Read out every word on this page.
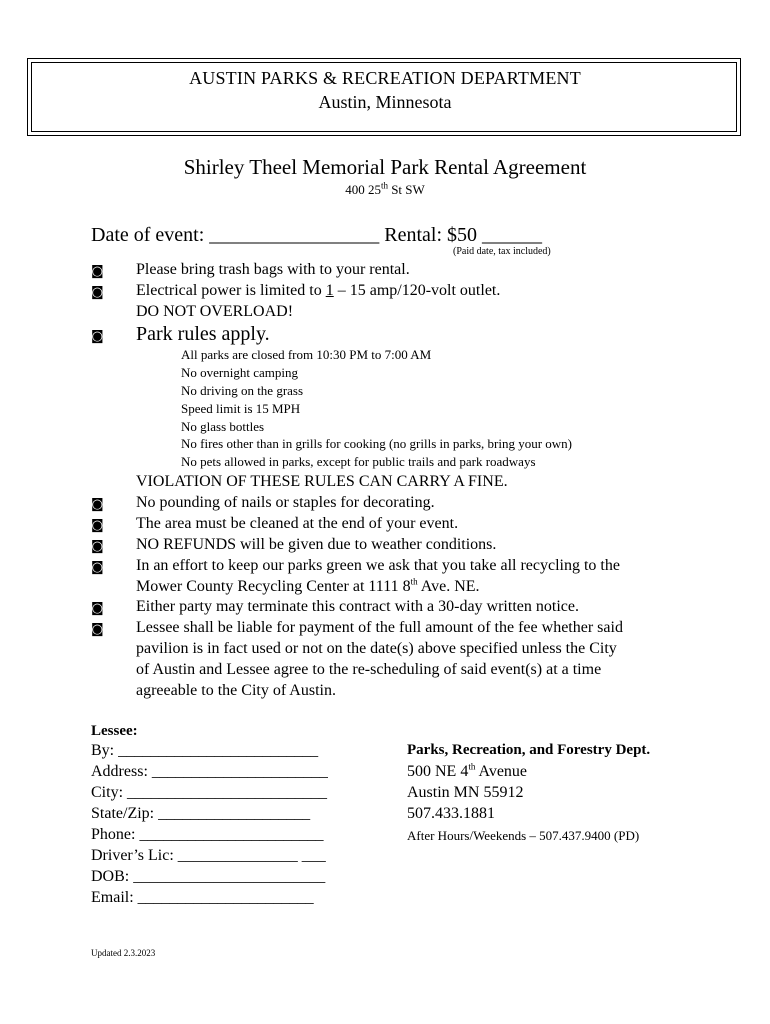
AUSTIN PARKS & RECREATION DEPARTMENT
Austin, Minnesota
Shirley Theel Memorial Park Rental Agreement
400 25th St SW
Date of event: _________________ Rental: $50 ______
(Paid date, tax included)
◙
Please bring trash bags with to your rental.
◙
Electrical power is limited to 1 – 15 amp/120-volt outlet.
DO NOT OVERLOAD!
◙
Park rules apply.
All parks are closed from 10:30 PM to 7:00 AM
No overnight camping
No driving on the grass
Speed limit is 15 MPH
No glass bottles
No fires other than in grills for cooking (no grills in parks, bring your own)
No pets allowed in parks, except for public trails and park roadways
VIOLATION OF THESE RULES CAN CARRY A FINE.
◙
No pounding of nails or staples for decorating.
◙
The area must be cleaned at the end of your event.
◙
NO REFUNDS will be given due to weather conditions.
◙
In an effort to keep our parks green we ask that you take all recycling to the
Mower County Recycling Center at 1111 8th Ave. NE.
◙
Either party may terminate this contract with a 30-day written notice.
◙
Lessee shall be liable for payment of the full amount of the fee whether said
pavilion is in fact used or not on the date(s) above specified unless the City
of Austin and Lessee agree to the re-scheduling of said event(s) at a time
agreeable to the City of Austin.
Lessee:
By: _________________________
Address: ______________________
City: _________________________
State/Zip: ___________________
Phone: _______________________
Driver’s Lic: _______________ ___
DOB: ________________________
Email: ______________________
Parks, Recreation, and Forestry Dept.
500 NE 4th Avenue
Austin MN 55912
507.433.1881
After Hours/Weekends – 507.437.9400 (PD)
Updated 2.3.2023
